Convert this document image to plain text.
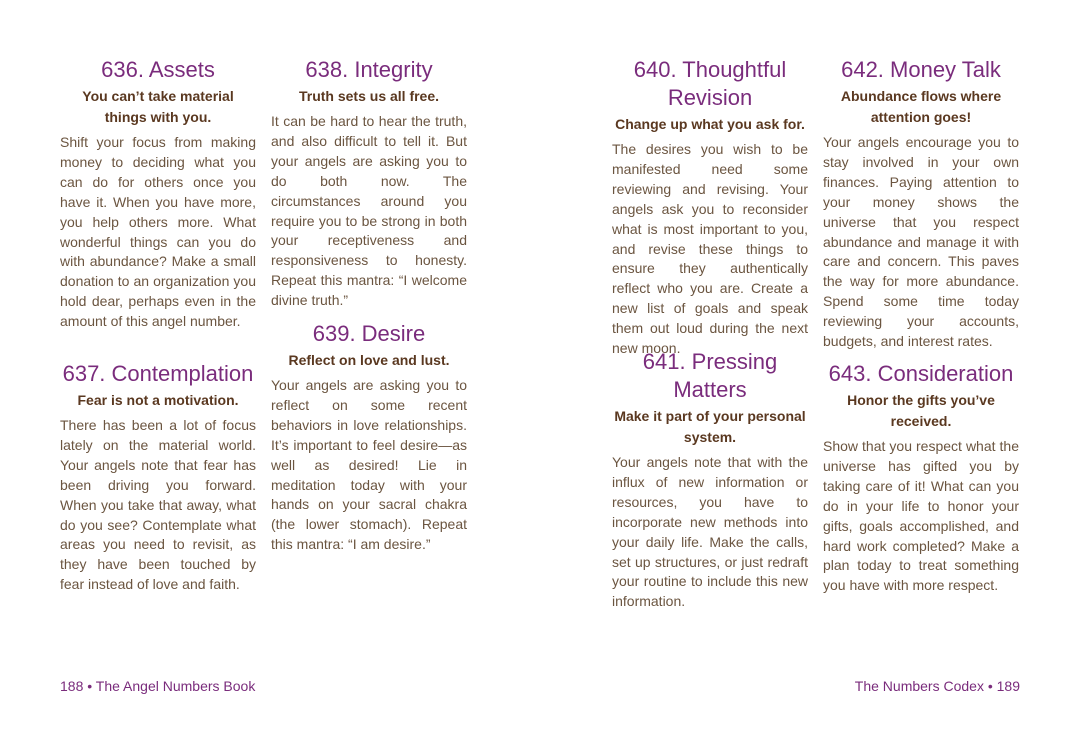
636. Assets
You can’t take material things with you.

Shift your focus from making money to deciding what you can do for others once you have it. When you have more, you help others more. What wonderful things can you do with abundance? Make a small donation to an organization you hold dear, perhaps even in the amount of this angel number.

637. Contemplation
Fear is not a motivation.

There has been a lot of focus lately on the material world. Your angels note that fear has been driving you forward. When you take that away, what do you see? Contemplate what areas you need to revisit, as they have been touched by fear instead of love and faith.

638. Integrity
Truth sets us all free.

It can be hard to hear the truth, and also difficult to tell it. But your angels are asking you to do both now. The circumstances around you require you to be strong in both your receptiveness and responsiveness to honesty. Repeat this mantra: “I welcome divine truth.”

639. Desire
Reflect on love and lust.

Your angels are asking you to reflect on some recent behaviors in love relationships. It’s important to feel desire—as well as desired! Lie in meditation today with your hands on your sacral chakra (the lower stomach). Repeat this mantra: “I am desire.”

640. Thoughtful Revision
Change up what you ask for.

The desires you wish to be manifested need some reviewing and revising. Your angels ask you to reconsider what is most important to you, and revise these things to ensure they authentically reflect who you are. Create a new list of goals and speak them out loud during the next new moon.

641. Pressing Matters
Make it part of your personal system.

Your angels note that with the influx of new information or resources, you have to incorporate new methods into your daily life. Make the calls, set up structures, or just redraft your routine to include this new information.

642. Money Talk
Abundance flows where attention goes!

Your angels encourage you to stay involved in your own finances. Paying attention to your money shows the universe that you respect abundance and manage it with care and concern. This paves the way for more abundance. Spend some time today reviewing your accounts, budgets, and interest rates.

643. Consideration
Honor the gifts you’ve received.

Show that you respect what the universe has gifted you by taking care of it! What can you do in your life to honor your gifts, goals accomplished, and hard work completed? Make a plan today to treat something you have with more respect.

188 • The Angel Numbers Book	The Numbers Codex • 189
